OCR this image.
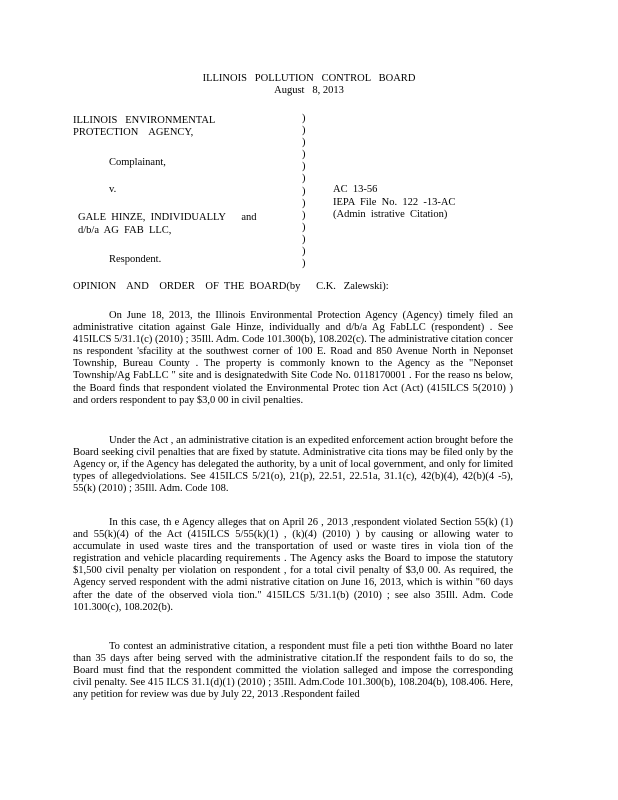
ILLINOIS   POLLUTION   CONTROL   BOARD
August   8, 2013
ILLINOIS   ENVIRONMENTAL
PROTECTION    AGENCY,
Complainant,
v.
GALE  HINZE,  INDIVIDUALLY      and
d/b/a  AG  FAB  LLC,
Respondent.
)
)
)
)
)
)
)
)
)
)
)
)
)
AC  13-56
IEPA  File  No.  122  -13-AC
(Admin  istrative  Citation)
OPINION    AND    ORDER    OF  THE  BOARD(by      C.K.   Zalewski):
On June 18, 2013, the Illinois Environmental Protection Agency (Agency) timely filed an administrative citation against Gale Hinze, individually and d/b/a Ag FabLLC (respondent) . See 415ILCS 5/31.1(c) (2010) ; 35Ill. Adm. Code 101.300(b), 108.202(c). The administrative citation concer ns respondent 'sfacility at the southwest corner of 100 E. Road and 850 Avenue North in Neponset Township, Bureau County . The property is commonly known to the Agency as the "Neponset Township/Ag FabLLC " site and is designatedwith Site Code No. 0118170001 . For the reaso ns below, the Board finds that respondent violated the Environmental Protec tion Act (Act) (415ILCS 5(2010) ) and orders respondent to pay $3,0 00 in civil penalties.
Under the Act , an administrative citation is an expedited enforcement action brought before the Board seeking civil penalties that are fixed by statute. Administrative cita tions may be filed only by the Agency or, if the Agency has delegated the authority, by a unit of local government, and only for limited types of allegedviolations. See 415ILCS 5/21(o), 21(p), 22.51, 22.51a, 31.1(c), 42(b)(4), 42(b)(4 -5), 55(k) (2010) ; 35Ill. Adm. Code 108.
In this case, th e Agency alleges that on April 26 , 2013 ,respondent violated Section 55(k) (1) and 55(k)(4) of the Act (415ILCS 5/55(k)(1) , (k)(4) (2010) ) by causing or allowing water to accumulate in used waste tires and the transportation of used or waste tires in viola tion of the registration and vehicle placarding requirements . The Agency asks the Board to impose the statutory $1,500 civil penalty per violation on respondent , for a total civil penalty of $3,0 00. As required, the Agency served respondent with the admi nistrative citation on June 16, 2013, which is within "60 days after the date of the observed viola tion." 415ILCS 5/31.1(b) (2010) ; see also 35Ill. Adm. Code 101.300(c), 108.202(b).
To contest an administrative citation, a respondent must file a peti tion withthe Board no later than 35 days after being served with the administrative citation.If the respondent fails to do so, the Board must find that the respondent committed the violation salleged and impose the corresponding civil penalty. See 415 ILCS 31.1(d)(1) (2010) ; 35Ill. Adm.Code 101.300(b), 108.204(b), 108.406. Here, any petition for review was due by July 22, 2013 .Respondent failed
